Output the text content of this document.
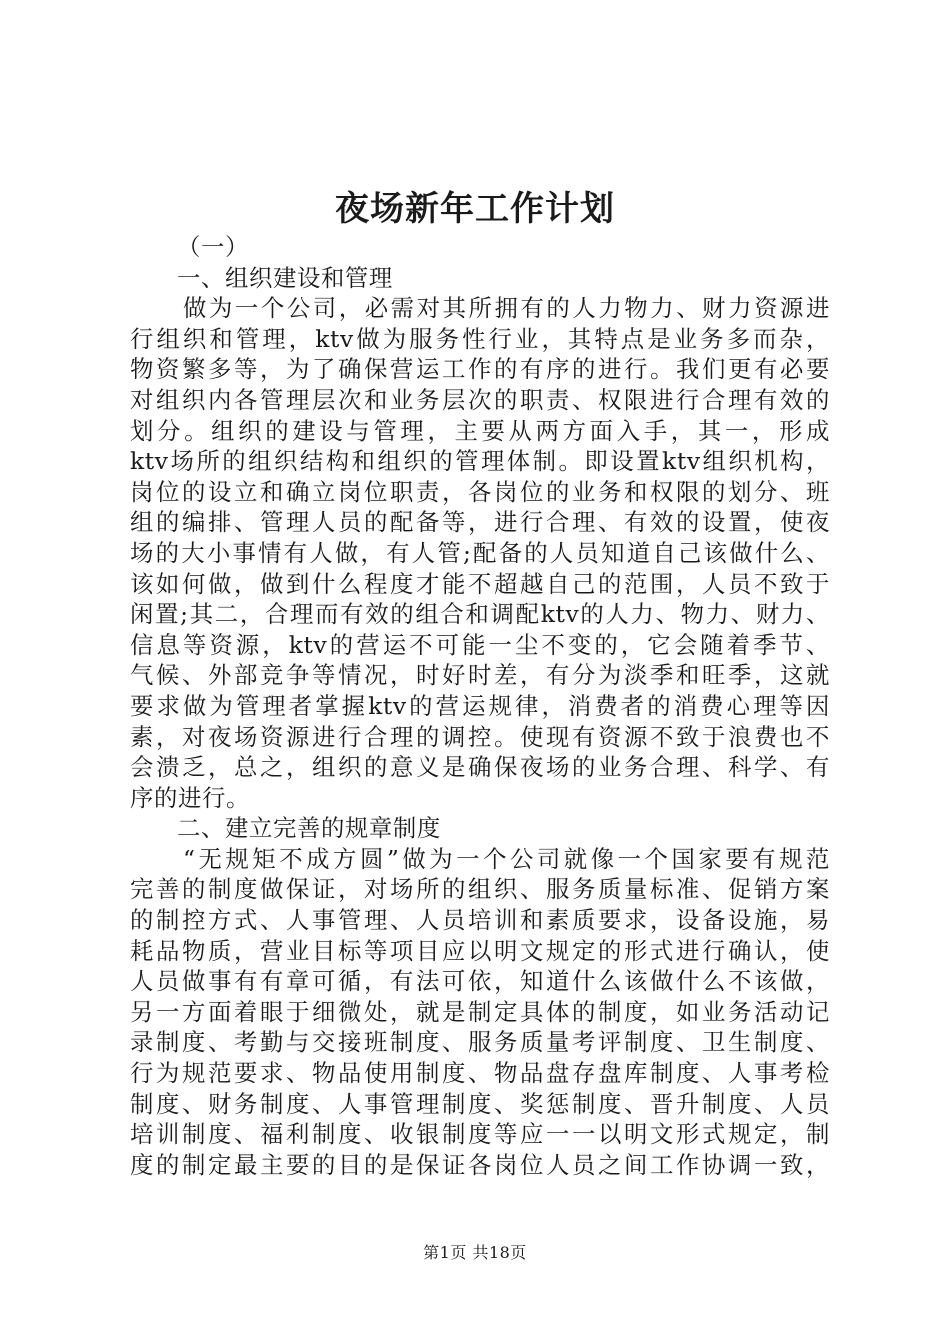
夜场新年工作计划
（一）
一、组织建设和管理
做为一个公司，必需对其所拥有的人力物力、财力资源进
行组织和管理，ktv做为服务性行业，其特点是业务多而杂，
物资繁多等，为了确保营运工作的有序的进行。我们更有必要
对组织内各管理层次和业务层次的职责、权限进行合理有效的
划分。组织的建设与管理，主要从两方面入手，其一，形成
ktv场所的组织结构和组织的管理体制。即设置ktv组织机构，
岗位的设立和确立岗位职责，各岗位的业务和权限的划分、班
组的编排、管理人员的配备等，进行合理、有效的设置，使夜
场的大小事情有人做，有人管;配备的人员知道自己该做什么、
该如何做，做到什么程度才能不超越自己的范围，人员不致于
闲置;其二，合理而有效的组合和调配ktv的人力、物力、财力、
信息等资源，ktv的营运不可能一尘不变的，它会随着季节、
气候、外部竞争等情况，时好时差，有分为淡季和旺季，这就
要求做为管理者掌握ktv的营运规律，消费者的消费心理等因
素，对夜场资源进行合理的调控。使现有资源不致于浪费也不
会溃乏，总之，组织的意义是确保夜场的业务合理、科学、有
序的进行。
二、建立完善的规章制度
“无规矩不成方圆”做为一个公司就像一个国家要有规范
完善的制度做保证，对场所的组织、服务质量标准、促销方案
的制控方式、人事管理、人员培训和素质要求，设备设施，易
耗品物质，营业目标等项目应以明文规定的形式进行确认，使
人员做事有有章可循，有法可依，知道什么该做什么不该做，
另一方面着眼于细微处，就是制定具体的制度，如业务活动记
录制度、考勤与交接班制度、服务质量考评制度、卫生制度、
行为规范要求、物品使用制度、物品盘存盘库制度、人事考检
制度、财务制度、人事管理制度、奖惩制度、晋升制度、人员
培训制度、福利制度、收银制度等应一一以明文形式规定，制
度的制定最主要的目的是保证各岗位人员之间工作协调一致，
第1页 共18页
